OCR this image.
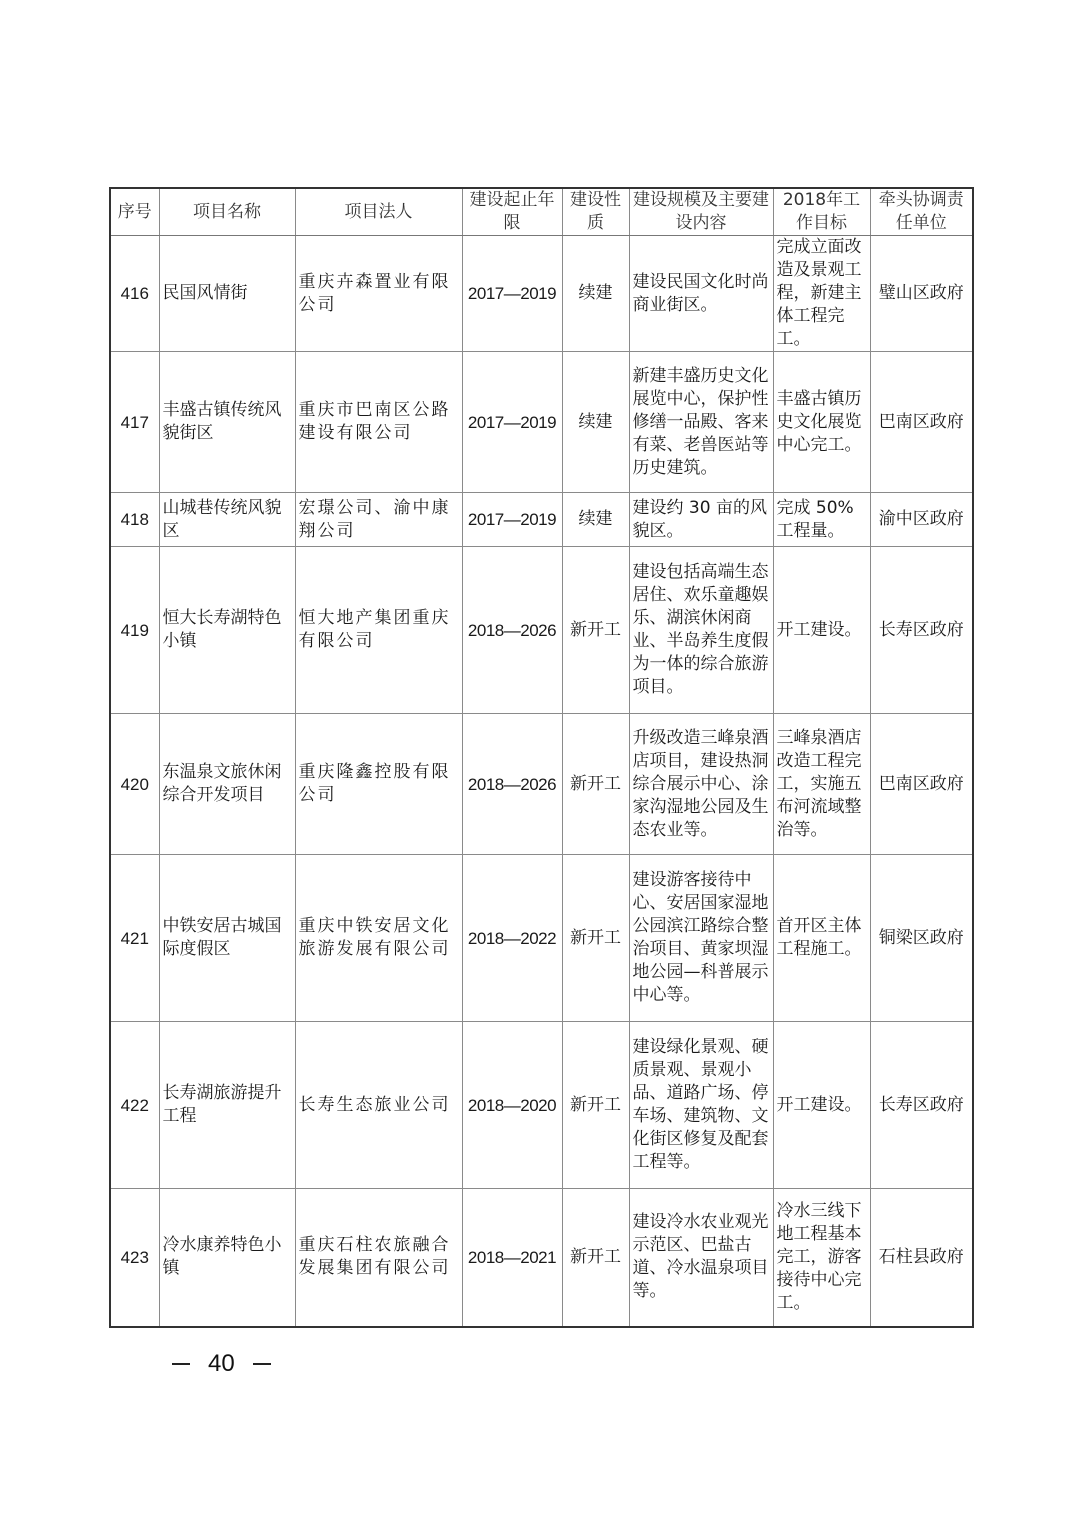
序号	项目名称	项目法人	建设起止年限	建设性质	建设规模及主要建设内容	2018年工作目标	牵头协调责任单位
416	民国风情街	重庆卉森置业有限公司	2017—2019	续建	建设民国文化时尚商业街区。	完成立面改造及景观工程，新建主体工程完工。	璧山区政府
417	丰盛古镇传统风貌街区	重庆市巴南区公路建设有限公司	2017—2019	续建	新建丰盛历史文化展览中心，保护性修缮一品殿、客来有菜、老兽医站等历史建筑。	丰盛古镇历史文化展览中心完工。	巴南区政府
418	山城巷传统风貌区	宏璟公司、渝中康翔公司	2017—2019	续建	建设约 30 亩的风貌区。	完成 50%工程量。	渝中区政府
419	恒大长寿湖特色小镇	恒大地产集团重庆有限公司	2018—2026	新开工	建设包括高端生态居住、欢乐童趣娱乐、湖滨休闲商业、半岛养生度假为一体的综合旅游项目。	开工建设。	长寿区政府
420	东温泉文旅休闲综合开发项目	重庆隆鑫控股有限公司	2018—2026	新开工	升级改造三峰泉酒店项目，建设热洞综合展示中心、涂家沟湿地公园及生态农业等。	三峰泉酒店改造工程完工，实施五布河流域整治等。	巴南区政府
421	中铁安居古城国际度假区	重庆中铁安居文化旅游发展有限公司	2018—2022	新开工	建设游客接待中心、安居国家湿地公园滨江路综合整治项目、黄家坝湿地公园—科普展示中心等。	首开区主体工程施工。	铜梁区政府
422	长寿湖旅游提升工程	长寿生态旅业公司	2018—2020	新开工	建设绿化景观、硬质景观、景观小品、道路广场、停车场、建筑物、文化街区修复及配套工程等。	开工建设。	长寿区政府
423	冷水康养特色小镇	重庆石柱农旅融合发展集团有限公司	2018—2021	新开工	建设冷水农业观光示范区、巴盐古道、冷水温泉项目等。	冷水三线下地工程基本完工，游客接待中心完工。	石柱县政府
40
